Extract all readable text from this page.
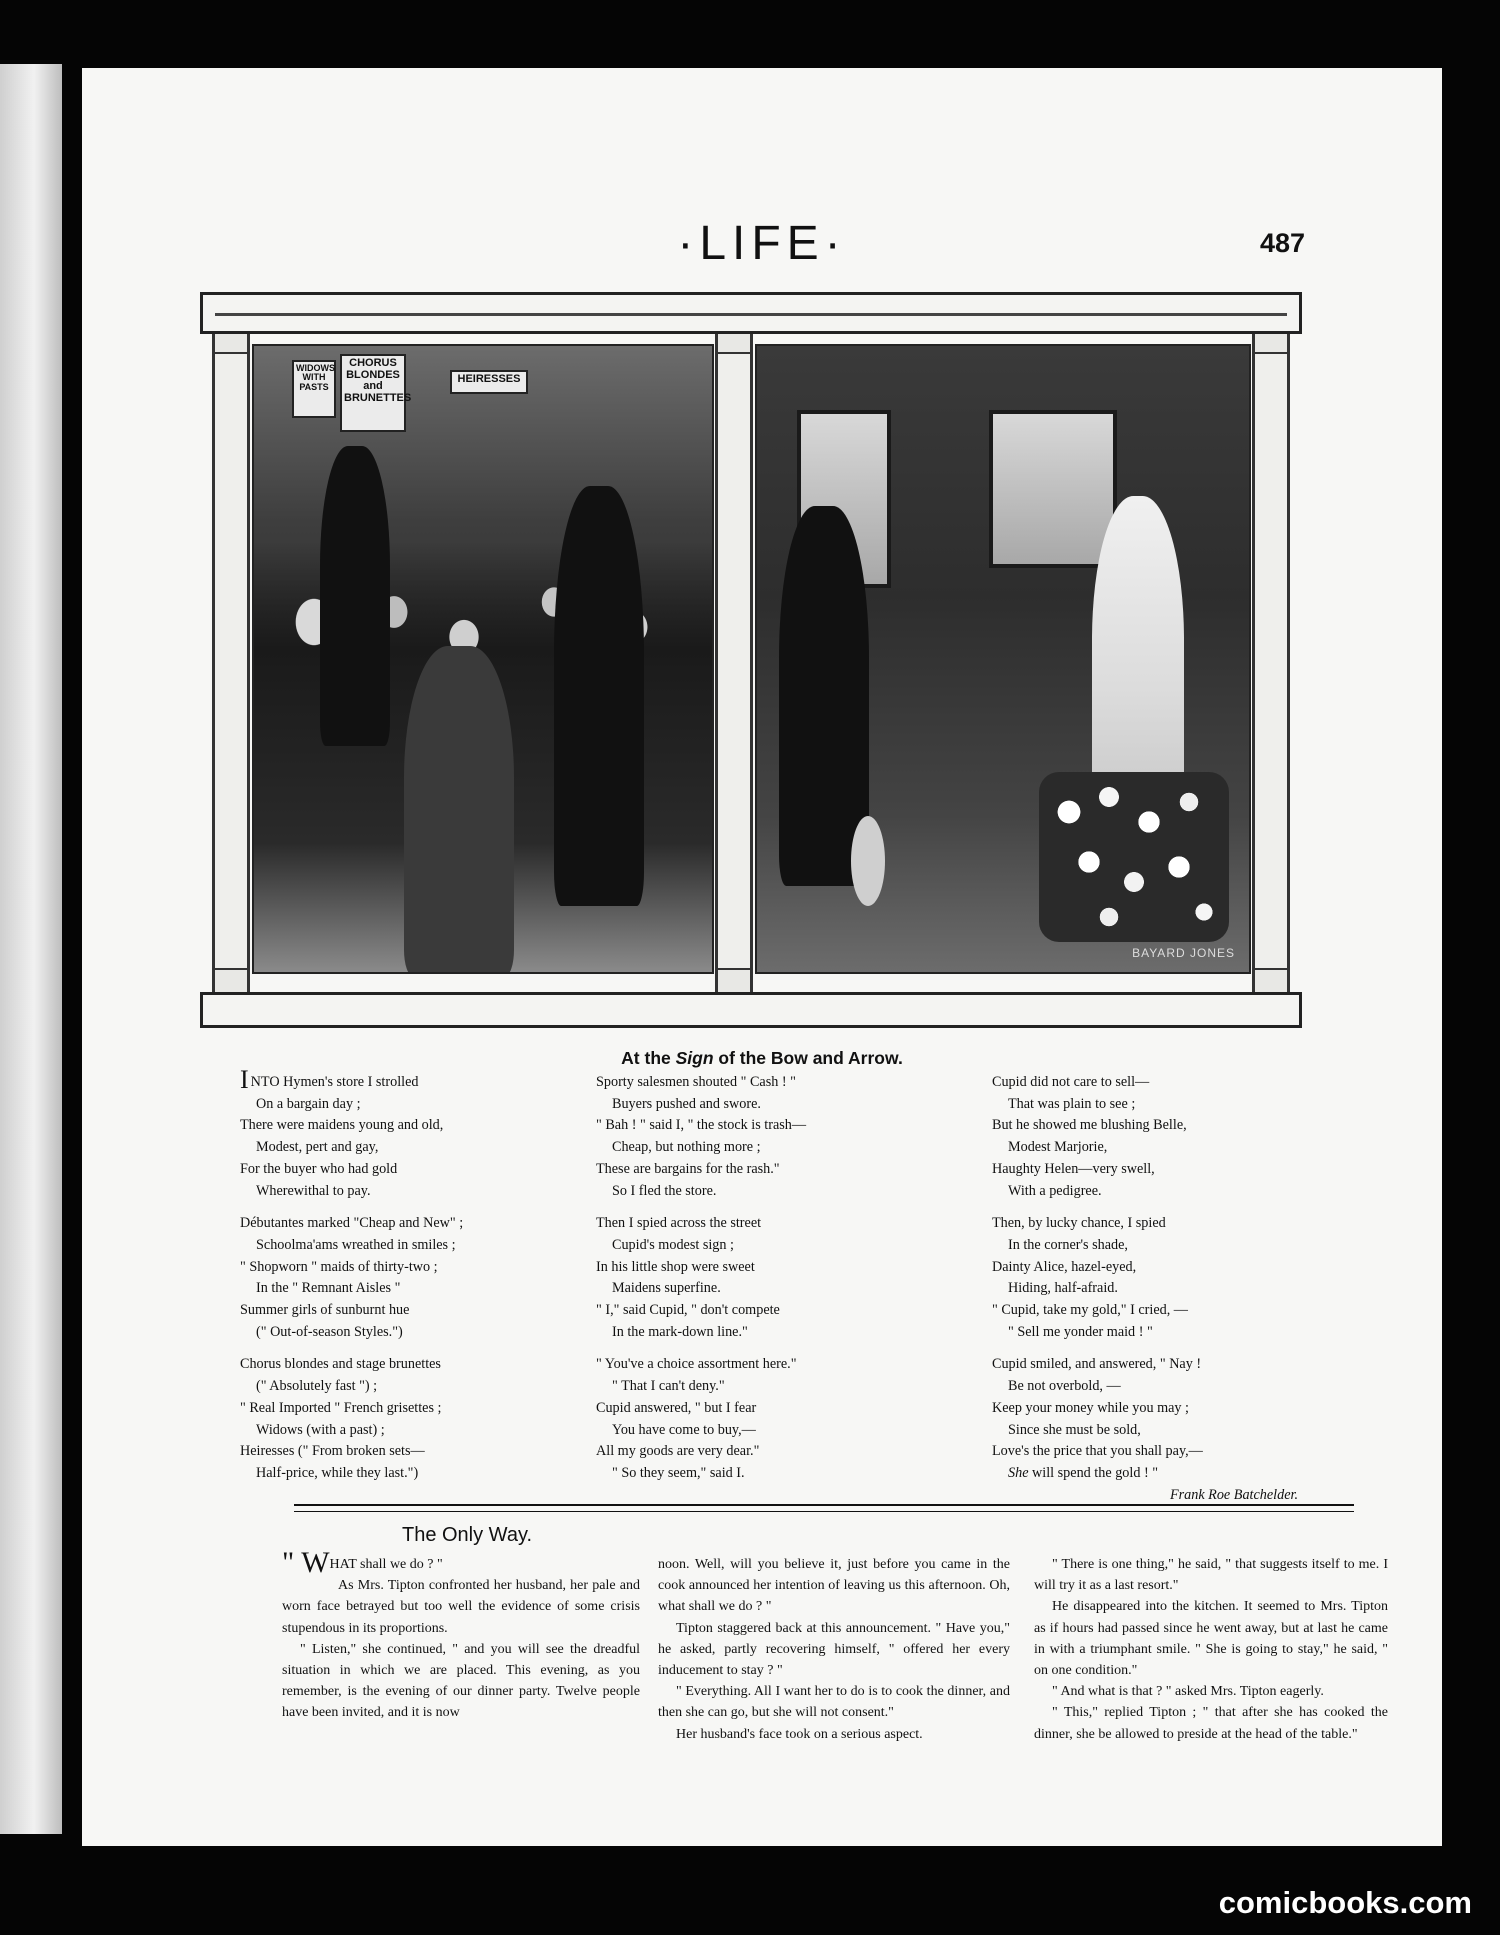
·LIFE·	487
WIDOWS WITH PASTS
CHORUS BLONDES and BRUNETTES
HEIRESSES
BAYARD JONES
At the Sign of the Bow and Arrow.
INTO Hymen's store I strolled
On a bargain day ;
There were maidens young and old,
Modest, pert and gay,
For the buyer who had gold
Wherewithal to pay.
Débutantes marked "Cheap and New" ;
Schoolma'ams wreathed in smiles ;
" Shopworn " maids of thirty-two ;
In the " Remnant Aisles "
Summer girls of sunburnt hue
(" Out-of-season Styles.")
Chorus blondes and stage brunettes
(" Absolutely fast ") ;
" Real Imported " French grisettes ;
Widows (with a past) ;
Heiresses (" From broken sets—
Half-price, while they last.")
Sporty salesmen shouted " Cash ! "
Buyers pushed and swore.
" Bah ! " said I, " the stock is trash—
Cheap, but nothing more ;
These are bargains for the rash."
So I fled the store.
Then I spied across the street
Cupid's modest sign ;
In his little shop were sweet
Maidens superfine.
" I," said Cupid, " don't compete
In the mark-down line."
" You've a choice assortment here."
" That I can't deny."
Cupid answered, " but I fear
You have come to buy,—
All my goods are very dear."
" So they seem," said I.
Cupid did not care to sell—
That was plain to see ;
But he showed me blushing Belle,
Modest Marjorie,
Haughty Helen—very swell,
With a pedigree.
Then, by lucky chance, I spied
In the corner's shade,
Dainty Alice, hazel-eyed,
Hiding, half-afraid.
" Cupid, take my gold," I cried, —
" Sell me yonder maid ! "
Cupid smiled, and answered, " Nay !
Be not overbold, —
Keep your money while you may ;
Since she must be sold,
Love's the price that you shall pay,—
She will spend the gold ! "
Frank Roe Batchelder.
The Only Way.

" WHAT shall we do ? "

As Mrs. Tipton confronted her husband, her pale and worn face betrayed but too well the evidence of some crisis stupendous in its proportions.

" Listen," she continued, " and you will see the dreadful situation in which we are placed. This evening, as you remember, is the evening of our dinner party. Twelve people have been invited, and it is now

noon. Well, will you believe it, just before you came in the cook announced her intention of leaving us this afternoon. Oh, what shall we do ? "

Tipton staggered back at this announcement. " Have you," he asked, partly recovering himself, " offered her every inducement to stay ? "

" Everything. All I want her to do is to cook the dinner, and then she can go, but she will not consent."

Her husband's face took on a serious aspect.

" There is one thing," he said, " that suggests itself to me. I will try it as a last resort."

He disappeared into the kitchen. It seemed to Mrs. Tipton as if hours had passed since he went away, but at last he came in with a triumphant smile. " She is going to stay," he said, " on one condition."

" And what is that ? " asked Mrs. Tipton eagerly.

" This," replied Tipton ; " that after she has cooked the dinner, she be allowed to preside at the head of the table."

comicbooks.com
